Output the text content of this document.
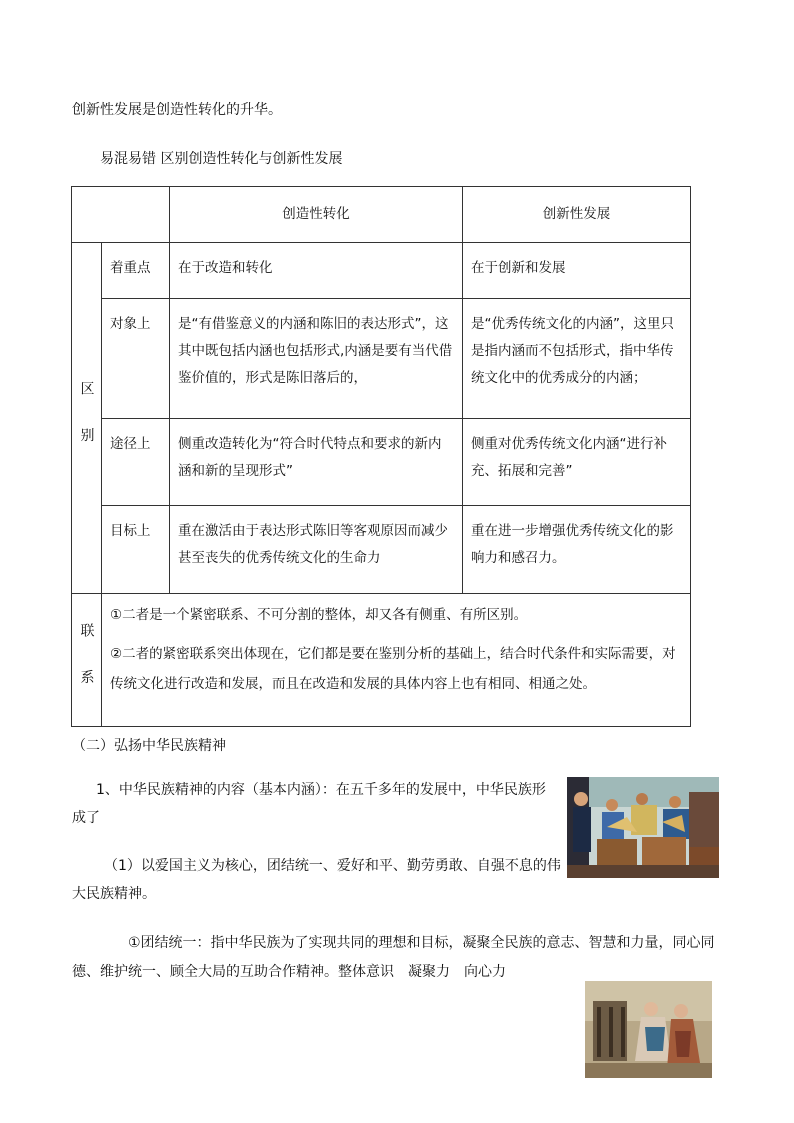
创新性发展是创造性转化的升华。
易混易错 区别创造性转化与创新性发展

		创造性转化	创新性发展

区 别	着重点	在于改造和转化	在于创新和发展

	对象上	是“有借鉴意义的内涵和陈旧的表达形式”，这其中既包括内涵也包括形式,内涵是要有当代借鉴价值的，形式是陈旧落后的，	是“优秀传统文化的内涵”，这里只是指内涵而不包括形式，指中华传统文化中的优秀成分的内涵；

	途径上	侧重改造转化为“符合时代特点和要求的新内涵和新的呈现形式”	侧重对优秀传统文化内涵“进行补充、拓展和完善”

	目标上	重在激活由于表达形式陈旧等客观原因而减少甚至丧失的优秀传统文化的生命力	重在进一步增强优秀传统文化的影响力和感召力。

联 系	①二者是一个紧密联系、不可分割的整体，却又各有侧重、有所区别。
②二者的紧密联系突出体现在，它们都是要在鉴别分析的基础上，结合时代条件和实际需要，对传统文化进行改造和发展，而且在改造和发展的具体内容上也有相同、相通之处。		
（二）弘扬中华民族精神
1、中华民族精神的内容（基本内涵）：在五千多年的发展中，中华民族形
成了
（1）以爱国主义为核心，团结统一、爱好和平、勤劳勇敢、自强不息的伟
大民族精神。
①团结统一：指中华民族为了实现共同的理想和目标，凝聚全民族的意志、智慧和力量，同心同
德、维护统一、顾全大局的互助合作精神。整体意识　凝聚力　向心力
